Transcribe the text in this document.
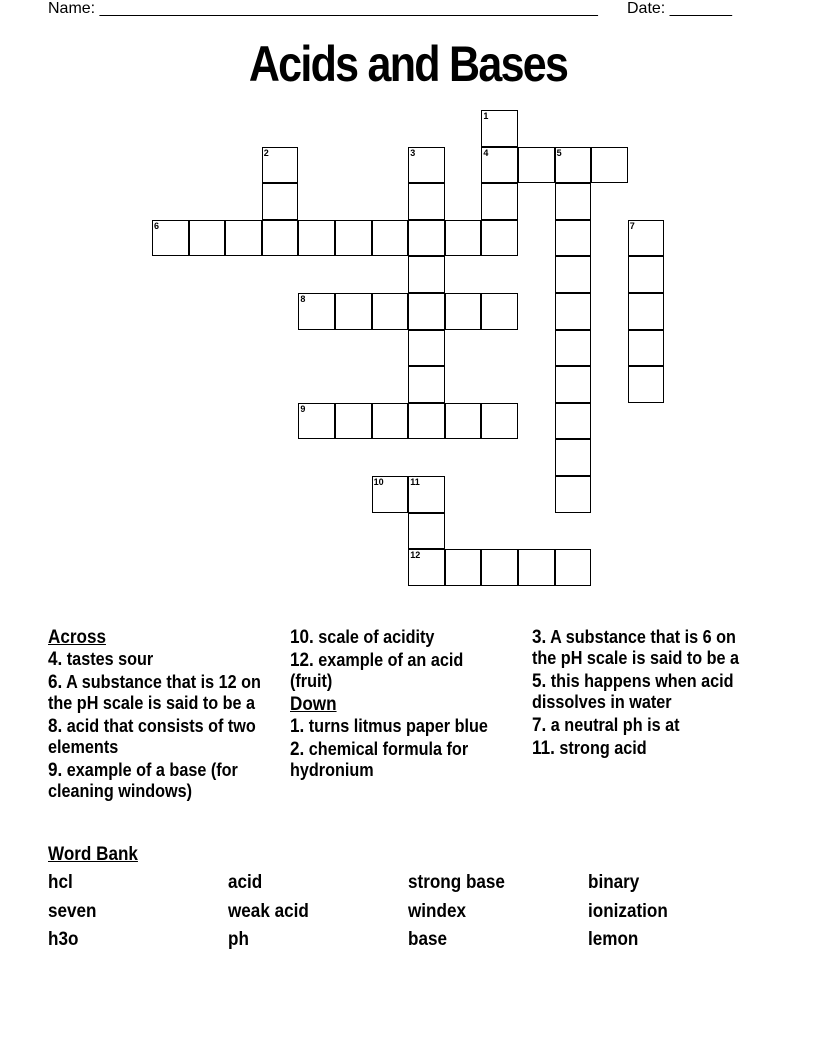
Name: ________________________________________________________ Date: _______
Acids and Bases
1
2	3	4	5
6	7
8
9
10	11
12
Across
4. tastes sour
6. A substance that is 12 on the pH scale is said to be a
8. acid that consists of two elements
9. example of a base (for cleaning windows)
10. scale of acidity
12. example of an acid (fruit)
Down
1. turns litmus paper blue
2. chemical formula for hydronium
3. A substance that is 6 on the pH scale is said to be a
5. this happens when acid dissolves in water
7. a neutral ph is at
11. strong acid
Word Bank
hcl	acid	strong base	binary
seven	weak acid	windex	ionization
h3o	ph	base	lemon
